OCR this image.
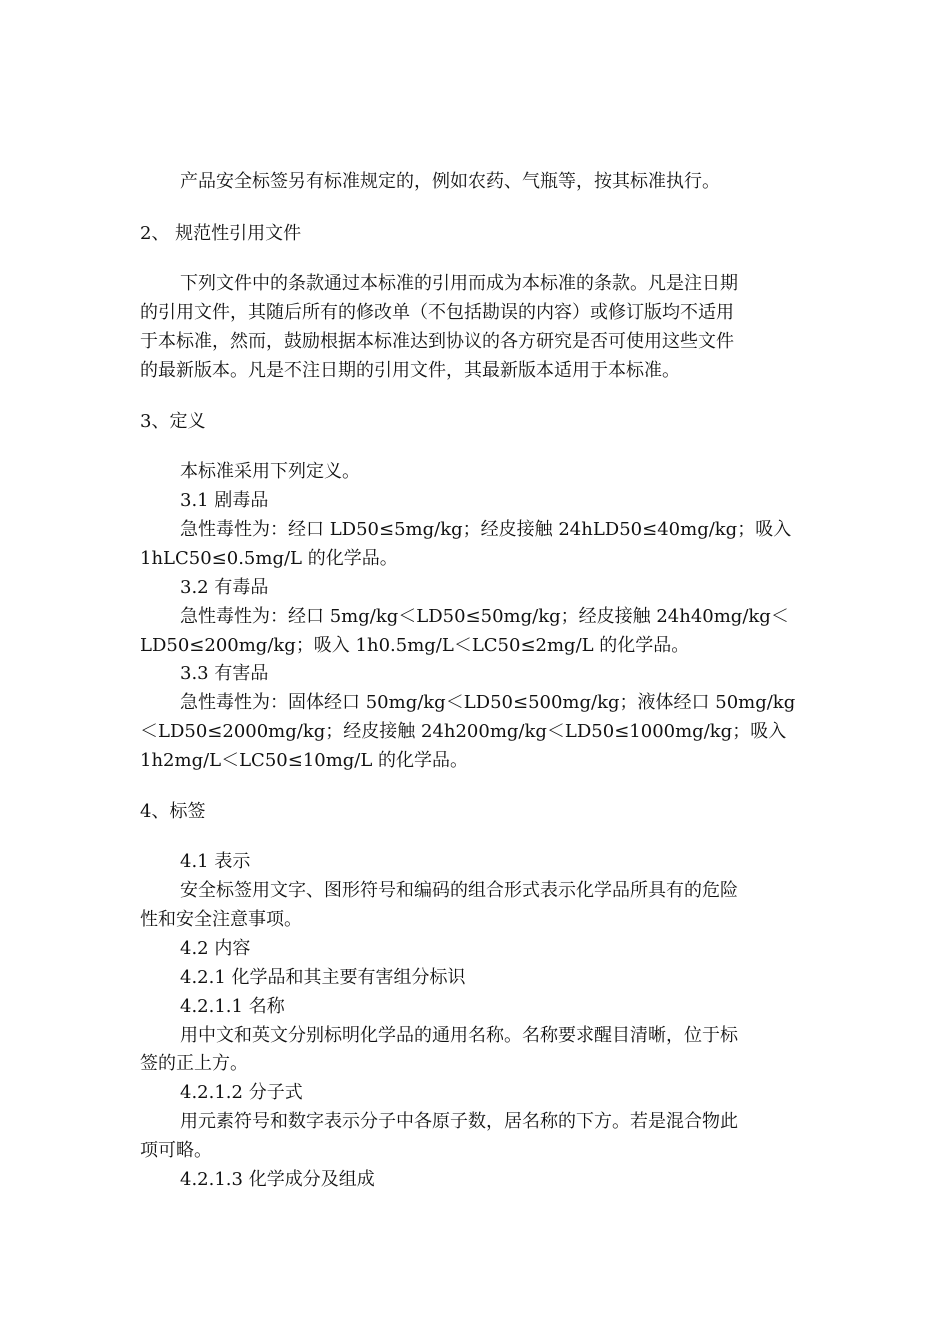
产品安全标签另有标准规定的，例如农药、气瓶等，按其标准执行。
2、 规范性引用文件
下列文件中的条款通过本标准的引用而成为本标准的条款。凡是注日期
的引用文件，其随后所有的修改单（不包括勘误的内容）或修订版均不适用
于本标准，然而，鼓励根据本标准达到协议的各方研究是否可使用这些文件
的最新版本。凡是不注日期的引用文件，其最新版本适用于本标准。
3、定义
本标准采用下列定义。
3.1 剧毒品
急性毒性为：经口 LD50≤5mg/kg；经皮接触 24hLD50≤40mg/kg；吸入
1hLC50≤0.5mg/L 的化学品。
3.2 有毒品
急性毒性为：经口 5mg/kg＜LD50≤50mg/kg；经皮接触 24h40mg/kg＜
LD50≤200mg/kg；吸入 1h0.5mg/L＜LC50≤2mg/L 的化学品。
3.3 有害品
急性毒性为：固体经口 50mg/kg＜LD50≤500mg/kg；液体经口 50mg/kg
＜LD50≤2000mg/kg；经皮接触 24h200mg/kg＜LD50≤1000mg/kg；吸入
1h2mg/L＜LC50≤10mg/L 的化学品。
4、标签
4.1 表示
安全标签用文字、图形符号和编码的组合形式表示化学品所具有的危险
性和安全注意事项。
4.2 内容
4.2.1 化学品和其主要有害组分标识
4.2.1.1 名称
用中文和英文分别标明化学品的通用名称。名称要求醒目清晰，位于标
签的正上方。
4.2.1.2 分子式
用元素符号和数字表示分子中各原子数，居名称的下方。若是混合物此
项可略。
4.2.1.3 化学成分及组成
